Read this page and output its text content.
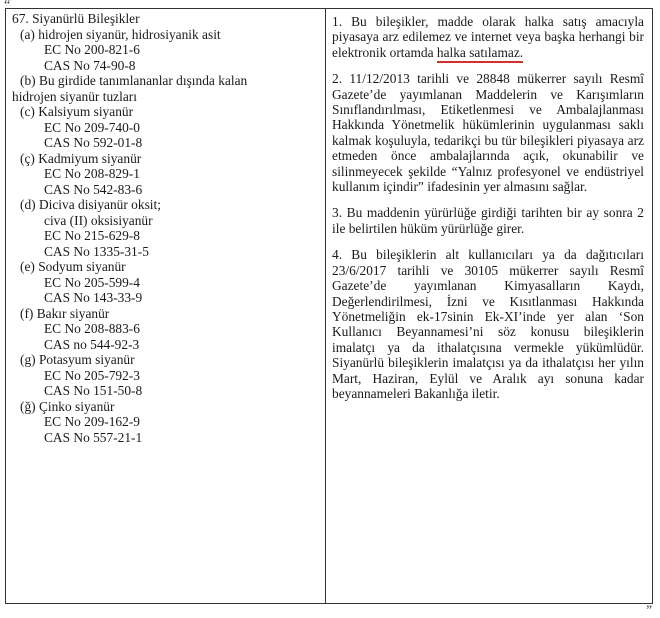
“
67. Siyanürlü Bileşikler
(a) hidrojen siyanür, hidrosiyanik asit
EC No 200-821-6
CAS No 74-90-8
(b) Bu girdide tanımlananlar dışında kalan
hidrojen siyanür tuzları
(c) Kalsiyum siyanür
EC No 209-740-0
CAS No 592-01-8
(ç) Kadmiyum siyanür
EC No 208-829-1
CAS No 542-83-6
(d) Diciva disiyanür oksit;
civa (II) oksisiyanür
EC No 215-629-8
CAS No 1335-31-5
(e) Sodyum siyanür
EC No 205-599-4
CAS No 143-33-9
(f) Bakır siyanür
EC No 208-883-6
CAS no 544-92-3
(g) Potasyum siyanür
EC No 205-792-3
CAS No 151-50-8
(ğ) Çinko siyanür
EC No 209-162-9
CAS No 557-21-1

1. Bu bileşikler, madde olarak halka satış amacıyla piyasaya arz edilemez ve internet veya başka herhangi bir elektronik ortamda halka satılamaz.

2. 11/12/2013 tarihli ve 28848 mükerrer sayılı Resmî Gazete’de yayımlanan Maddelerin ve Karışımların Sınıflandırılması, Etiketlenmesi ve Ambalajlanması Hakkında Yönetmelik hükümlerinin uygulanması saklı kalmak koşuluyla, tedarikçi bu tür bileşikleri piyasaya arz etmeden önce ambalajlarında açık, okunabilir ve silinmeyecek şekilde “Yalnız profesyonel ve endüstriyel kullanım içindir” ifadesinin yer almasını sağlar.

3. Bu maddenin yürürlüğe girdiği tarihten bir ay sonra 2 ile belirtilen hüküm yürürlüğe girer.

4. Bu bileşiklerin alt kullanıcıları ya da dağıtıcıları 23/6/2017 tarihli ve 30105 mükerrer sayılı Resmî Gazete’de yayımlanan Kimyasalların Kaydı, Değerlendirilmesi, İzni ve Kısıtlanması Hakkında Yönetmeliğin ek-17sinin Ek-XI’inde yer alan ‘Son Kullanıcı Beyannamesi’ni söz konusu bileşiklerin imalatçı ya da ithalatçısına vermekle yükümlüdür. Siyanürlü bileşiklerin imalatçısı ya da ithalatçısı her yılın Mart, Haziran, Eylül ve Aralık ayı sonuna kadar beyannameleri Bakanlığa iletir.

”
